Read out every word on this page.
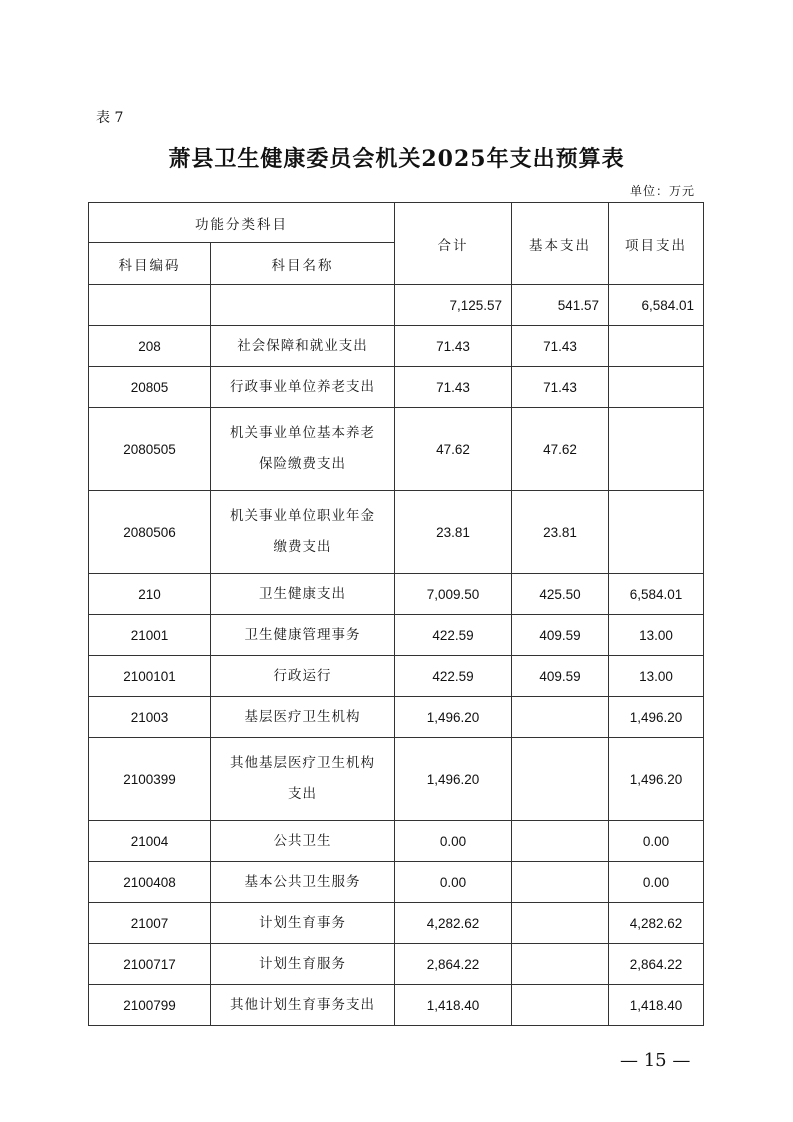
表 7
萧县卫生健康委员会机关2025年支出预算表
单位：万元
功能分类科目		合计	基本支出	项目支出
科目编码	科目名称			
		7,125.57	541.57	6,584.01
208	社会保障和就业支出	71.43	71.43	
20805	行政事业单位养老支出	71.43	71.43	
2080505	机关事业单位基本养老保险缴费支出	47.62	47.62	
2080506	机关事业单位职业年金缴费支出	23.81	23.81	
210	卫生健康支出	7,009.50	425.50	6,584.01
21001	卫生健康管理事务	422.59	409.59	13.00
2100101	行政运行	422.59	409.59	13.00
21003	基层医疗卫生机构	1,496.20		1,496.20
2100399	其他基层医疗卫生机构支出	1,496.20		1,496.20
21004	公共卫生	0.00		0.00
2100408	基本公共卫生服务	0.00		0.00
21007	计划生育事务	4,282.62		4,282.62
2100717	计划生育服务	2,864.22		2,864.22
2100799	其他计划生育事务支出	1,418.40		1,418.40
— 15 —
